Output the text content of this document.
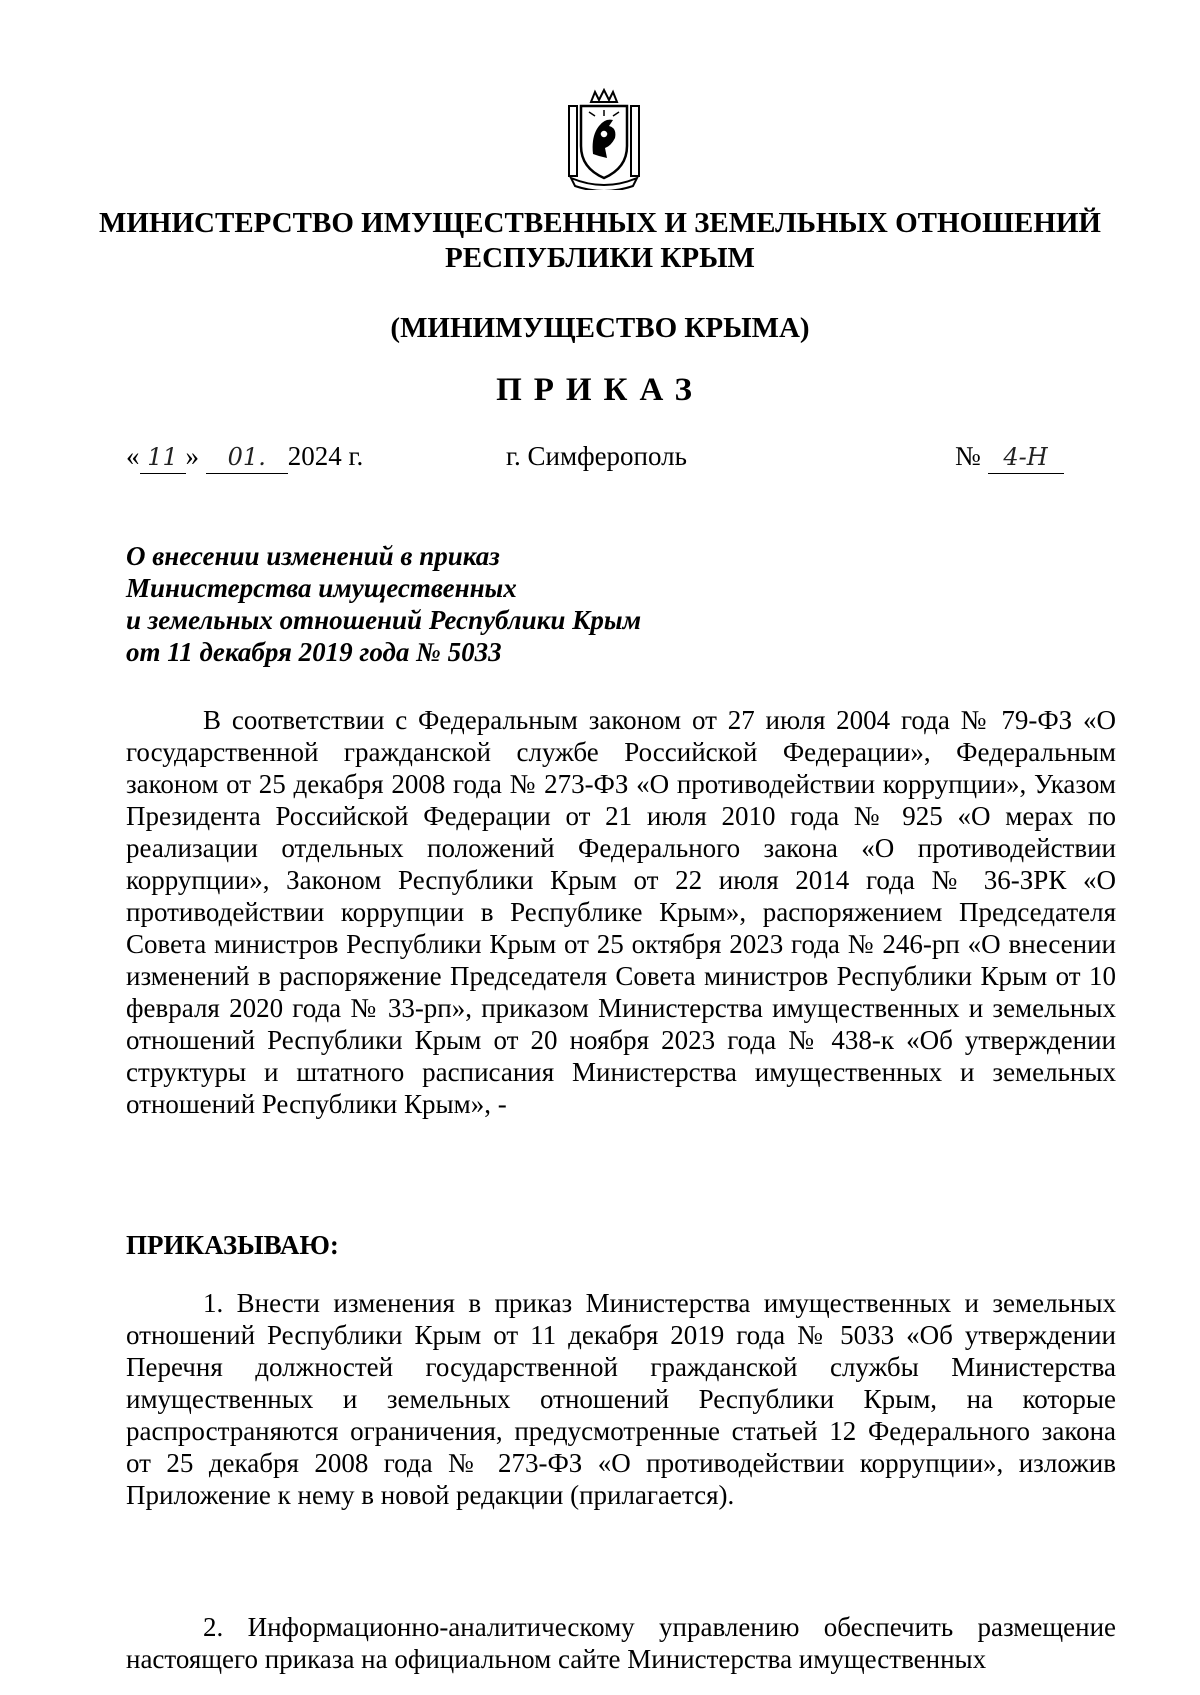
МИНИСТЕРСТВО ИМУЩЕСТВЕННЫХ И ЗЕМЕЛЬНЫХ ОТНОШЕНИЙ
РЕСПУБЛИКИ КРЫМ
(МИНИМУЩЕСТВО КРЫМА)
ПРИКАЗ
« 11 » 01. 2024 г.	г. Симферополь	№ 4-Н
О внесении изменений в приказ
Министерства имущественных
и земельных отношений Республики Крым
от 11 декабря 2019 года № 5033
В соответствии с Федеральным законом от 27 июля 2004 года № 79-ФЗ «О государственной гражданской службе Российской Федерации», Федеральным законом от 25 декабря 2008 года № 273-ФЗ «О противодействии коррупции», Указом Президента Российской Федерации от 21 июля 2010 года № 925 «О мерах по реализации отдельных положений Федерального закона «О противодействии коррупции», Законом Республики Крым от 22 июля 2014 года № 36-ЗРК «О противодействии коррупции в Республике Крым», распоряжением Председателя Совета министров Республики Крым от 25 октября 2023 года № 246-рп «О внесении изменений в распоряжение Председателя Совета министров Республики Крым от 10 февраля 2020 года № 33-рп», приказом Министерства имущественных и земельных отношений Республики Крым от 20 ноября 2023 года № 438-к «Об утверждении структуры и штатного расписания Министерства имущественных и земельных отношений Республики Крым», -
ПРИКАЗЫВАЮ:
1. Внести изменения в приказ Министерства имущественных и земельных отношений Республики Крым от 11 декабря 2019 года № 5033 «Об утверждении Перечня должностей государственной гражданской службы Министерства имущественных и земельных отношений Республики Крым, на которые распространяются ограничения, предусмотренные статьей 12 Федерального закона от 25 декабря 2008 года № 273-ФЗ «О противодействии коррупции», изложив Приложение к нему в новой редакции (прилагается).
2. Информационно-аналитическому управлению обеспечить размещение настоящего приказа на официальном сайте Министерства имущественных
